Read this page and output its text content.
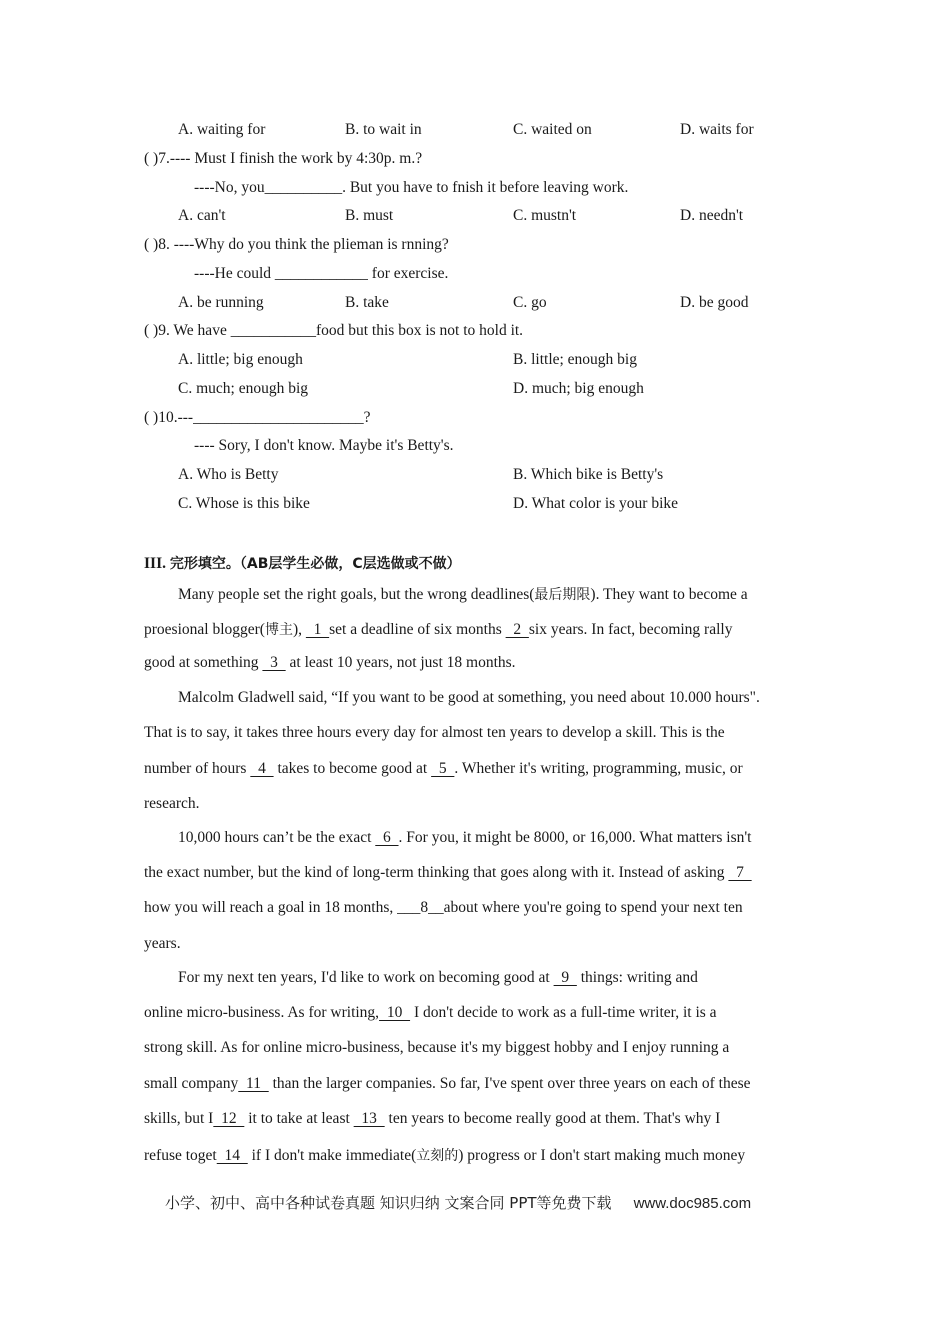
A. waiting for	B. to wait in	C. waited on	D. waits for
( )7.---- Must I finish the work by 4:30p. m.?
----No, you__________. But you have to fnish it before leaving work.
A. can't	B. must	C. mustn't	D. needn't
( )8. ----Why do you think the plieman is rnning?
----He could ____________ for exercise.
A. be running	B. take	C. go	D. be good
( )9. We have ___________food but this box is not to hold it.
A. little; big enough	B. little; enough big
C. much; enough big	D. much; big enough
( )10.---______________________?
---- Sory, I don't know. Maybe it's Betty's.
A. Who is Betty	B. Which bike is Betty's
C. Whose is this bike	D. What color is your bike
III. 完形填空。（AB层学生必做，C层选做或不做）
Many people set the right goals, but the wrong deadlines(最后期限). They want to become a
proesional blogger(博主),   1  set a deadline of six months   2  six years. In fact, becoming rally
good at something   3   at least 10 years, not just 18 months.
Malcolm Gladwell said, “If you want to be good at something, you need about 10.000 hours".
That is to say, it takes three hours every day for almost ten years to develop a skill. This is the
number of hours   4   takes to become good at   5  . Whether it's writing, programming, music, or
research.
10,000 hours can’t be the exact   6  . For you, it might be 8000, or 16,000. What matters isn't
the exact number, but the kind of long-term thinking that goes along with it. Instead of asking   7
how you will reach a goal in 18 months, ___8__about where you're going to spend your next ten
years.
For my next ten years, I'd like to work on becoming good at   9   things: writing and
online micro-business. As for writing,  10   I don't decide to work as a full-time writer, it is a
strong skill. As for online micro-business, because it's my biggest hobby and I enjoy running a
small company  11   than the larger companies. So far, I've spent over three years on each of these
skills, but I  12   it to take at least   13   ten years to become really good at them. That's why I
refuse toget  14   if I don't make immediate(立刻的) progress or I don't start making much money
小学、初中、高中各种试卷真题 知识归纳 文案合同 PPT等免费下载 www.doc985.com
